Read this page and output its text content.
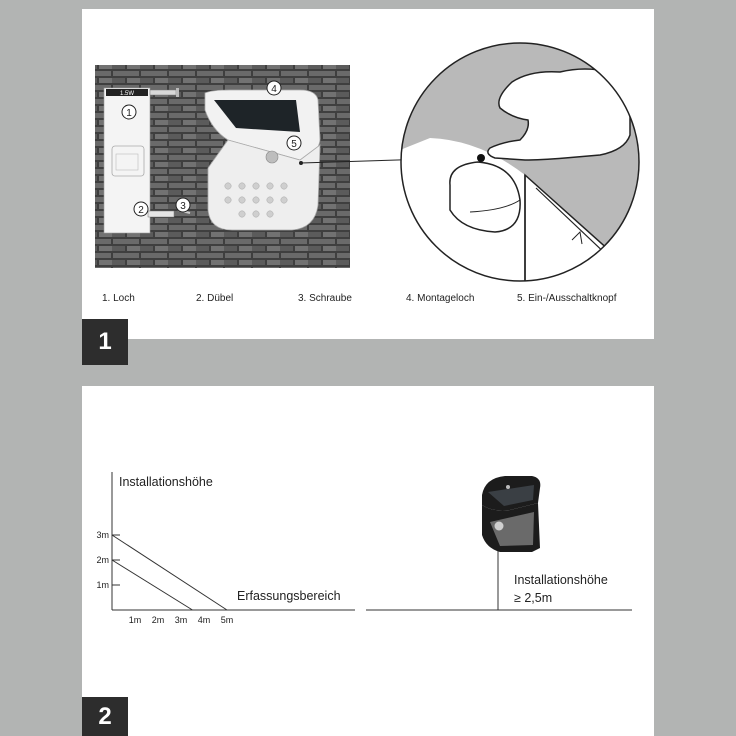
1.5W
1
2	3
4
5
1. Loch	2. Dübel	3. Schraube	4. Montageloch	5. Ein-/Ausschaltknopf
Installationshöhe
Erfassungsbereich
1m
2m
3m
1m 2m 3m 4m 5m
Installationshöhe
≥ 2,5m
1
2
